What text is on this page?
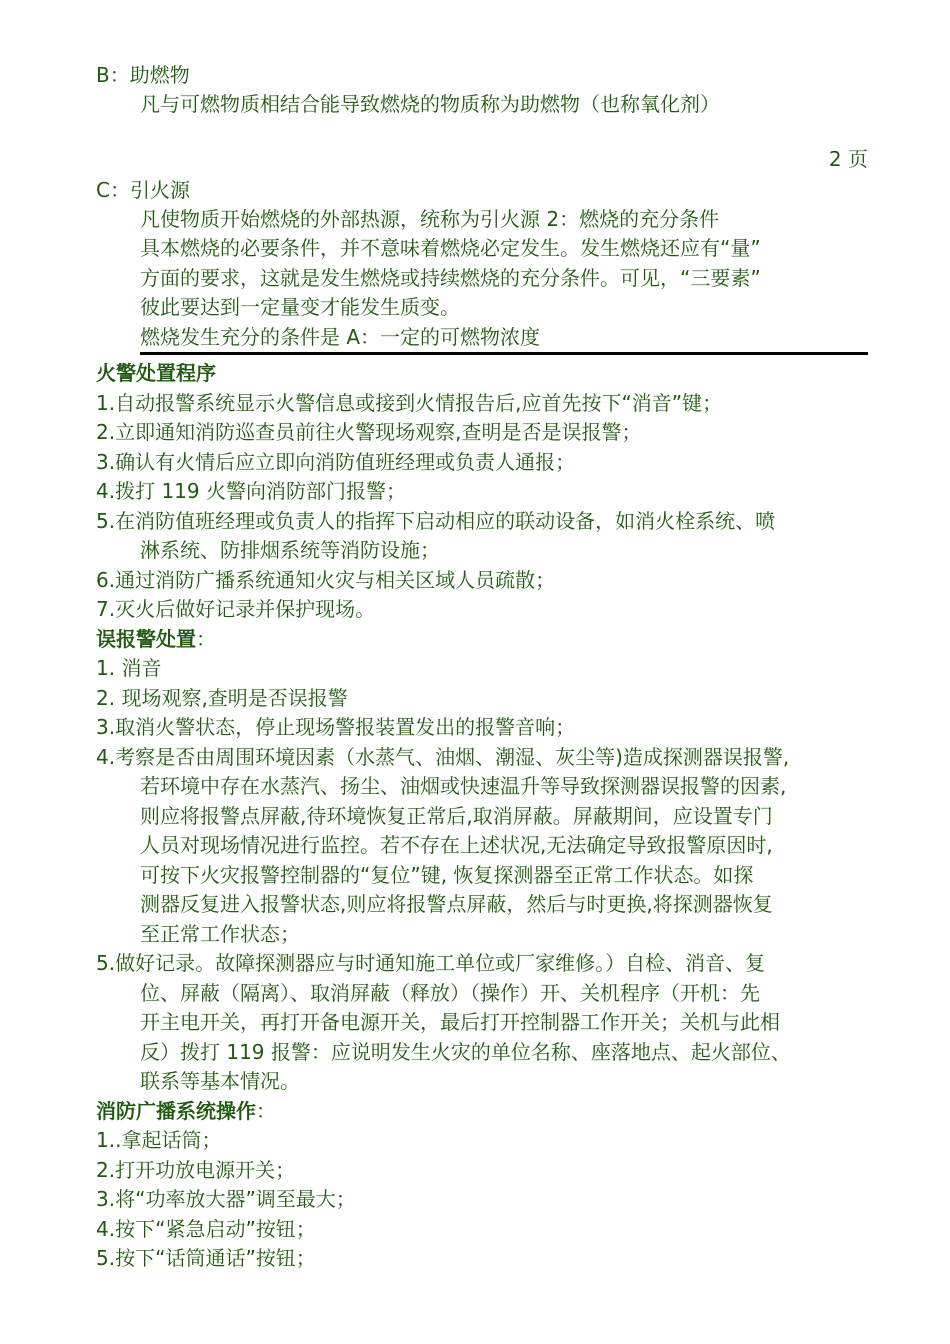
B：助燃物
凡与可燃物质相结合能导致燃烧的物质称为助燃物（也称氧化剂）
2 页
C：引火源
凡使物质开始燃烧的外部热源，统称为引火源 2：燃烧的充分条件
具本燃烧的必要条件，并不意味着燃烧必定发生。发生燃烧还应有“量”
方面的要求，这就是发生燃烧或持续燃烧的充分条件。可见，“三要素”
彼此要达到一定量变才能发生质变。
燃烧发生充分的条件是 A：一定的可燃物浓度
火警处置程序
1.自动报警系统显示火警信息或接到火情报告后,应首先按下“消音”键；
2.立即通知消防巡查员前往火警现场观察,查明是否是误报警；
3.确认有火情后应立即向消防值班经理或负责人通报；
4.拨打 119 火警向消防部门报警；
5.在消防值班经理或负责人的指挥下启动相应的联动设备，如消火栓系统、喷
淋系统、防排烟系统等消防设施；
6.通过消防广播系统通知火灾与相关区域人员疏散；
7.灭火后做好记录并保护现场。
误报警处置：
1. 消音
2. 现场观察,查明是否误报警
3.取消火警状态，停止现场警报装置发出的报警音响；
4.考察是否由周围环境因素（水蒸气、油烟、潮湿、灰尘等)造成探测器误报警,
若环境中存在水蒸汽、扬尘、油烟或快速温升等导致探测器误报警的因素,
则应将报警点屏蔽,待环境恢复正常后,取消屏蔽。屏蔽期间，应设置专门
人员对现场情况进行监控。若不存在上述状况,无法确定导致报警原因时,
可按下火灾报警控制器的“复位”键, 恢复探测器至正常工作状态。如探
测器反复进入报警状态,则应将报警点屏蔽，然后与时更换,将探测器恢复
至正常工作状态；
5.做好记录。故障探测器应与时通知施工单位或厂家维修。）自检、消音、复
位、屏蔽（隔离）、取消屏蔽（释放）（操作）开、关机程序（开机：先
开主电开关，再打开备电源开关，最后打开控制器工作开关；关机与此相
反）拨打 119 报警：应说明发生火灾的单位名称、座落地点、起火部位、
联系等基本情况。
消防广播系统操作：
1..拿起话筒；
2.打开功放电源开关；
3.将“功率放大器”调至最大；
4.按下“紧急启动”按钮；
5.按下“话筒通话”按钮；
